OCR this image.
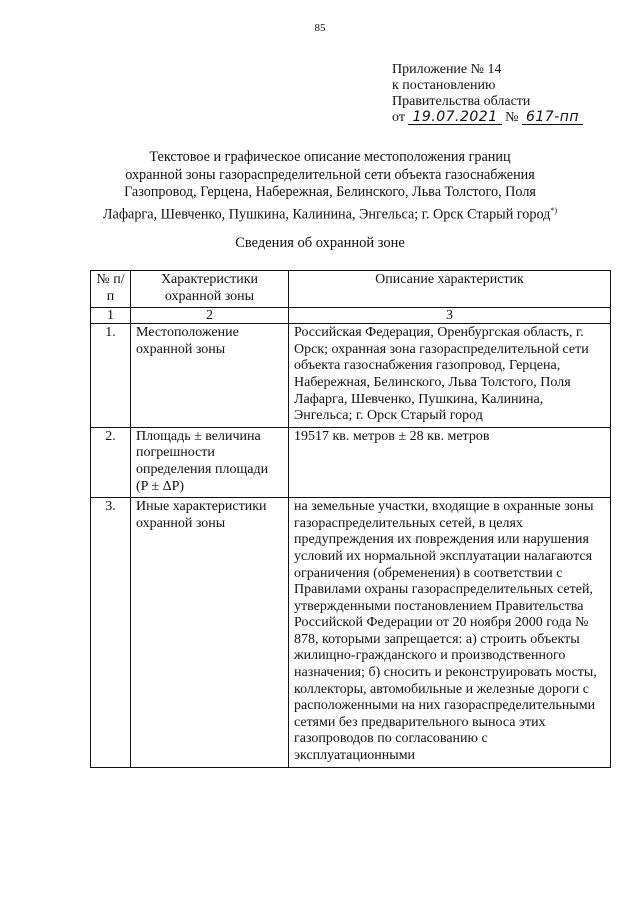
85
Приложение № 14
к постановлению
Правительства области
от 19.07.2021 № 617-пп
Текстовое и графическое описание местоположения границ
охранной зоны газораспределительной сети объекта газоснабжения
Газопровод, Герцена, Набережная, Белинского, Льва Толстого, Поля
Лафарга, Шевченко, Пушкина, Калинина, Энгельса; г. Орск Старый город*)
Сведения об охранной зоне
№ п/п	Характеристики охранной зоны	Описание характеристик
1	2	3
1.	Местоположение охранной зоны	Российская Федерация, Оренбургская область, г. Орск; охранная зона газораспределительной сети объекта газоснабжения газопровод, Герцена, Набережная, Белинского, Льва Толстого, Поля Лафарга, Шевченко, Пушкина, Калинина, Энгельса; г. Орск Старый город
2.	Площадь ± величина погрешности определения площади (P ± ΔP)	19517 кв. метров ± 28 кв. метров
3.	Иные характеристики охранной зоны	на земельные участки, входящие в охранные зоны газораспределительных сетей, в целях предупреждения их повреждения или нарушения условий их нормальной эксплуатации налагаются ограничения (обременения) в соответствии с Правилами охраны газораспределительных сетей, утвержденными постановлением Правительства Российской Федерации от 20 ноября 2000 года № 878, которыми запрещается: а) строить объекты жилищно-гражданского и производственного назначения; б) сносить и реконструировать мосты, коллекторы, автомобильные и железные дороги с расположенными на них газораспределительными сетями без предварительного выноса этих газопроводов по согласованию с эксплуатационными
